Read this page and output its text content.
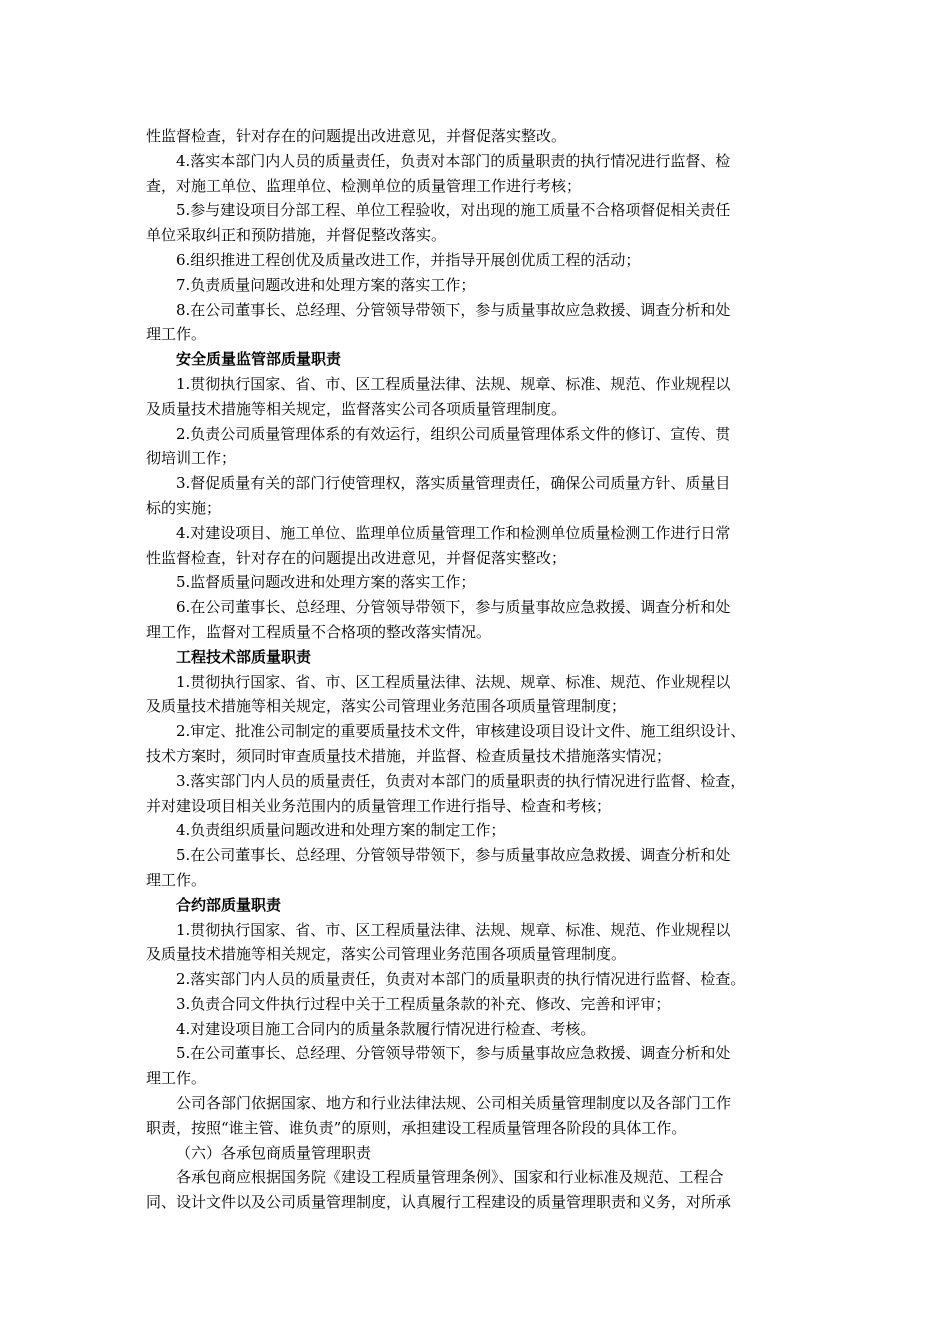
性监督检查，针对存在的问题提出改进意见，并督促落实整改。
4.落实本部门内人员的质量责任，负责对本部门的质量职责的执行情况进行监督、检
查，对施工单位、监理单位、检测单位的质量管理工作进行考核；
5.参与建设项目分部工程、单位工程验收，对出现的施工质量不合格项督促相关责任
单位采取纠正和预防措施，并督促整改落实。
6.组织推进工程创优及质量改进工作，并指导开展创优质工程的活动；
7.负责质量问题改进和处理方案的落实工作；
8.在公司董事长、总经理、分管领导带领下，参与质量事故应急救援、调查分析和处
理工作。
安全质量监管部质量职责
1.贯彻执行国家、省、市、区工程质量法律、法规、规章、标准、规范、作业规程以
及质量技术措施等相关规定，监督落实公司各项质量管理制度。
2.负责公司质量管理体系的有效运行，组织公司质量管理体系文件的修订、宣传、贯
彻培训工作；
3.督促质量有关的部门行使管理权，落实质量管理责任，确保公司质量方针、质量目
标的实施；
4.对建设项目、施工单位、监理单位质量管理工作和检测单位质量检测工作进行日常
性监督检查，针对存在的问题提出改进意见，并督促落实整改；
5.监督质量问题改进和处理方案的落实工作；
6.在公司董事长、总经理、分管领导带领下，参与质量事故应急救援、调查分析和处
理工作，监督对工程质量不合格项的整改落实情况。
工程技术部质量职责
1.贯彻执行国家、省、市、区工程质量法律、法规、规章、标准、规范、作业规程以
及质量技术措施等相关规定，落实公司管理业务范围各项质量管理制度；
2.审定、批准公司制定的重要质量技术文件，审核建设项目设计文件、施工组织设计、
技术方案时，须同时审查质量技术措施，并监督、检查质量技术措施落实情况；
3.落实部门内人员的质量责任，负责对本部门的质量职责的执行情况进行监督、检查，
并对建设项目相关业务范围内的质量管理工作进行指导、检查和考核；
4.负责组织质量问题改进和处理方案的制定工作；
5.在公司董事长、总经理、分管领导带领下，参与质量事故应急救援、调查分析和处
理工作。
合约部质量职责
1.贯彻执行国家、省、市、区工程质量法律、法规、规章、标准、规范、作业规程以
及质量技术措施等相关规定，落实公司管理业务范围各项质量管理制度。
2.落实部门内人员的质量责任，负责对本部门的质量职责的执行情况进行监督、检查。
3.负责合同文件执行过程中关于工程质量条款的补充、修改、完善和评审；
4.对建设项目施工合同内的质量条款履行情况进行检查、考核。
5.在公司董事长、总经理、分管领导带领下，参与质量事故应急救援、调查分析和处
理工作。
公司各部门依据国家、地方和行业法律法规、公司相关质量管理制度以及各部门工作
职责，按照“谁主管、谁负责”的原则，承担建设工程质量管理各阶段的具体工作。
（六）各承包商质量管理职责
各承包商应根据国务院《建设工程质量管理条例》、国家和行业标准及规范、工程合
同、设计文件以及公司质量管理制度，认真履行工程建设的质量管理职责和义务，对所承
